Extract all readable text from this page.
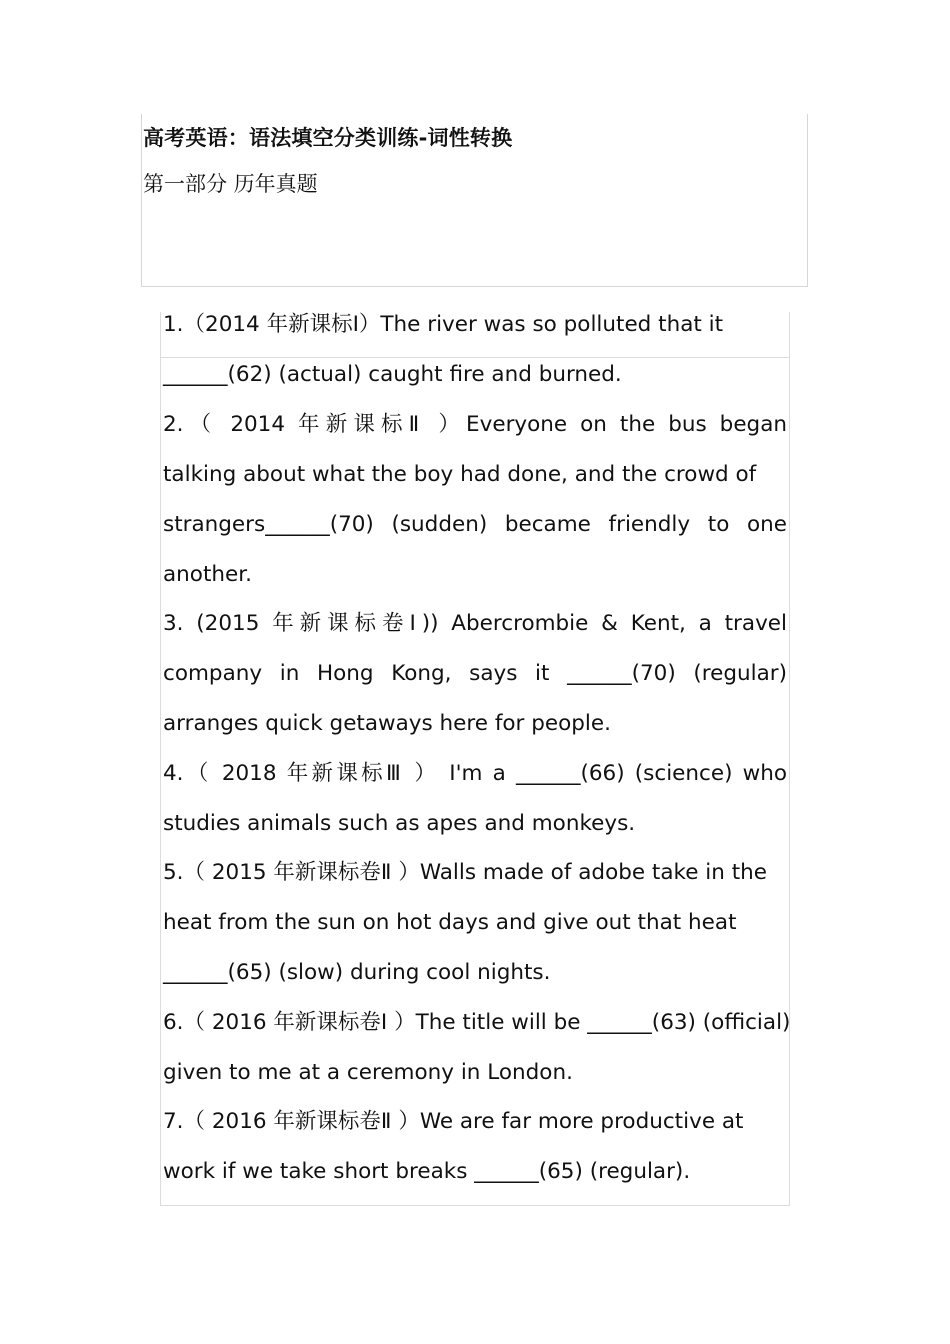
高考英语：语法填空分类训练-词性转换
第一部分 历年真题
1.（2014 年新课标Ⅰ）The river was so polluted that it
______(62) (actual) caught fire and burned.
2.（ 2014 年新课标Ⅱ ）Everyone on the bus began
talking about what the boy had done, and the crowd of
strangers______(70) (sudden) became friendly to one
another.
3. (2015 年新课标卷Ⅰ)) Abercrombie & Kent, a travel
company in Hong Kong, says it ______(70) (regular)
arranges quick getaways here for people.
4.（ 2018 年新课标Ⅲ ） I'm a ______(66) (science) who
studies animals such as apes and monkeys.
5.（ 2015 年新课标卷Ⅱ ）Walls made of adobe take in the
heat from the sun on hot days and give out that heat
______(65) (slow) during cool nights.
6.（ 2016 年新课标卷Ⅰ ）The title will be ______(63) (official)
given to me at a ceremony in London.
7.（ 2016 年新课标卷Ⅱ ）We are far more productive at
work if we take short breaks ______(65) (regular).
